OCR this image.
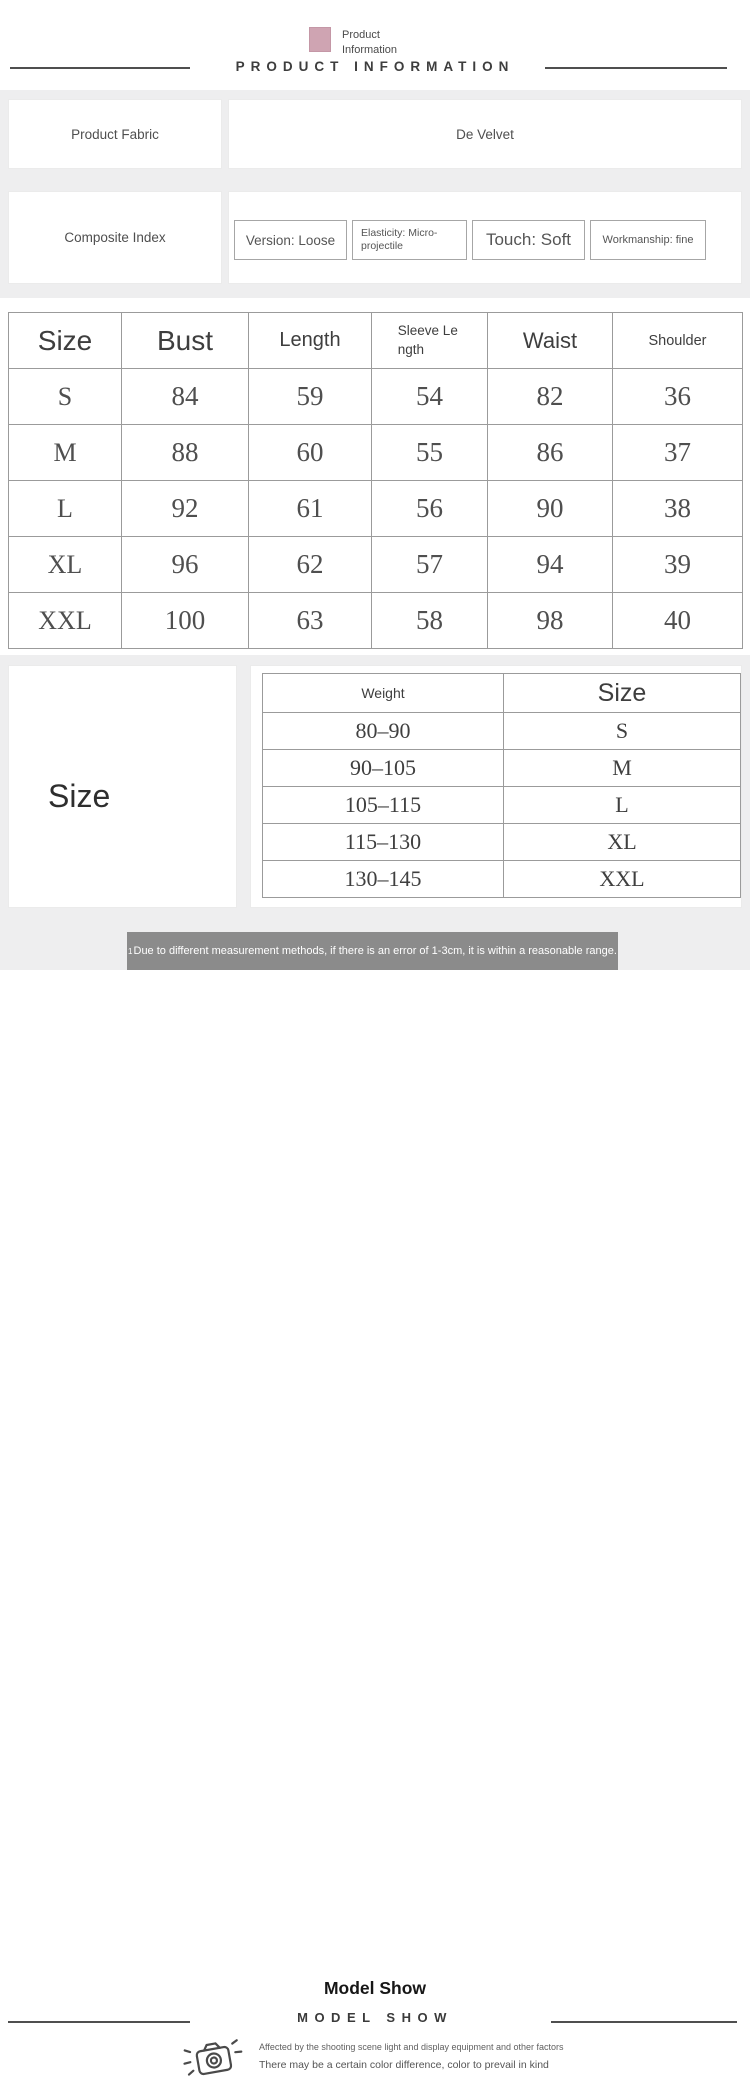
Product
Information
PRODUCT INFORMATION
Product Fabric	De Velvet
Composite Index	Version: Loose	Elasticity: Micro-projectile	Touch: Soft	Workmanship: fine
Size	Bust	Length	Sleeve Length	Waist	Shoulder
S	84	59	54	82	36
M	88	60	55	86	37
L	92	61	56	90	38
XL	96	62	57	94	39
XXL	100	63	58	98	40
Size
Weight	Size
80–90	S
90–105	M
105–115	L
115–130	XL
130–145	XXL
1 Due to different measurement methods, if there is an error of 1-3cm, it is within a reasonable range.
Model Show
MODEL SHOW
Affected by the shooting scene light and display equipment and other factors
There may be a certain color difference, color to prevail in kind
